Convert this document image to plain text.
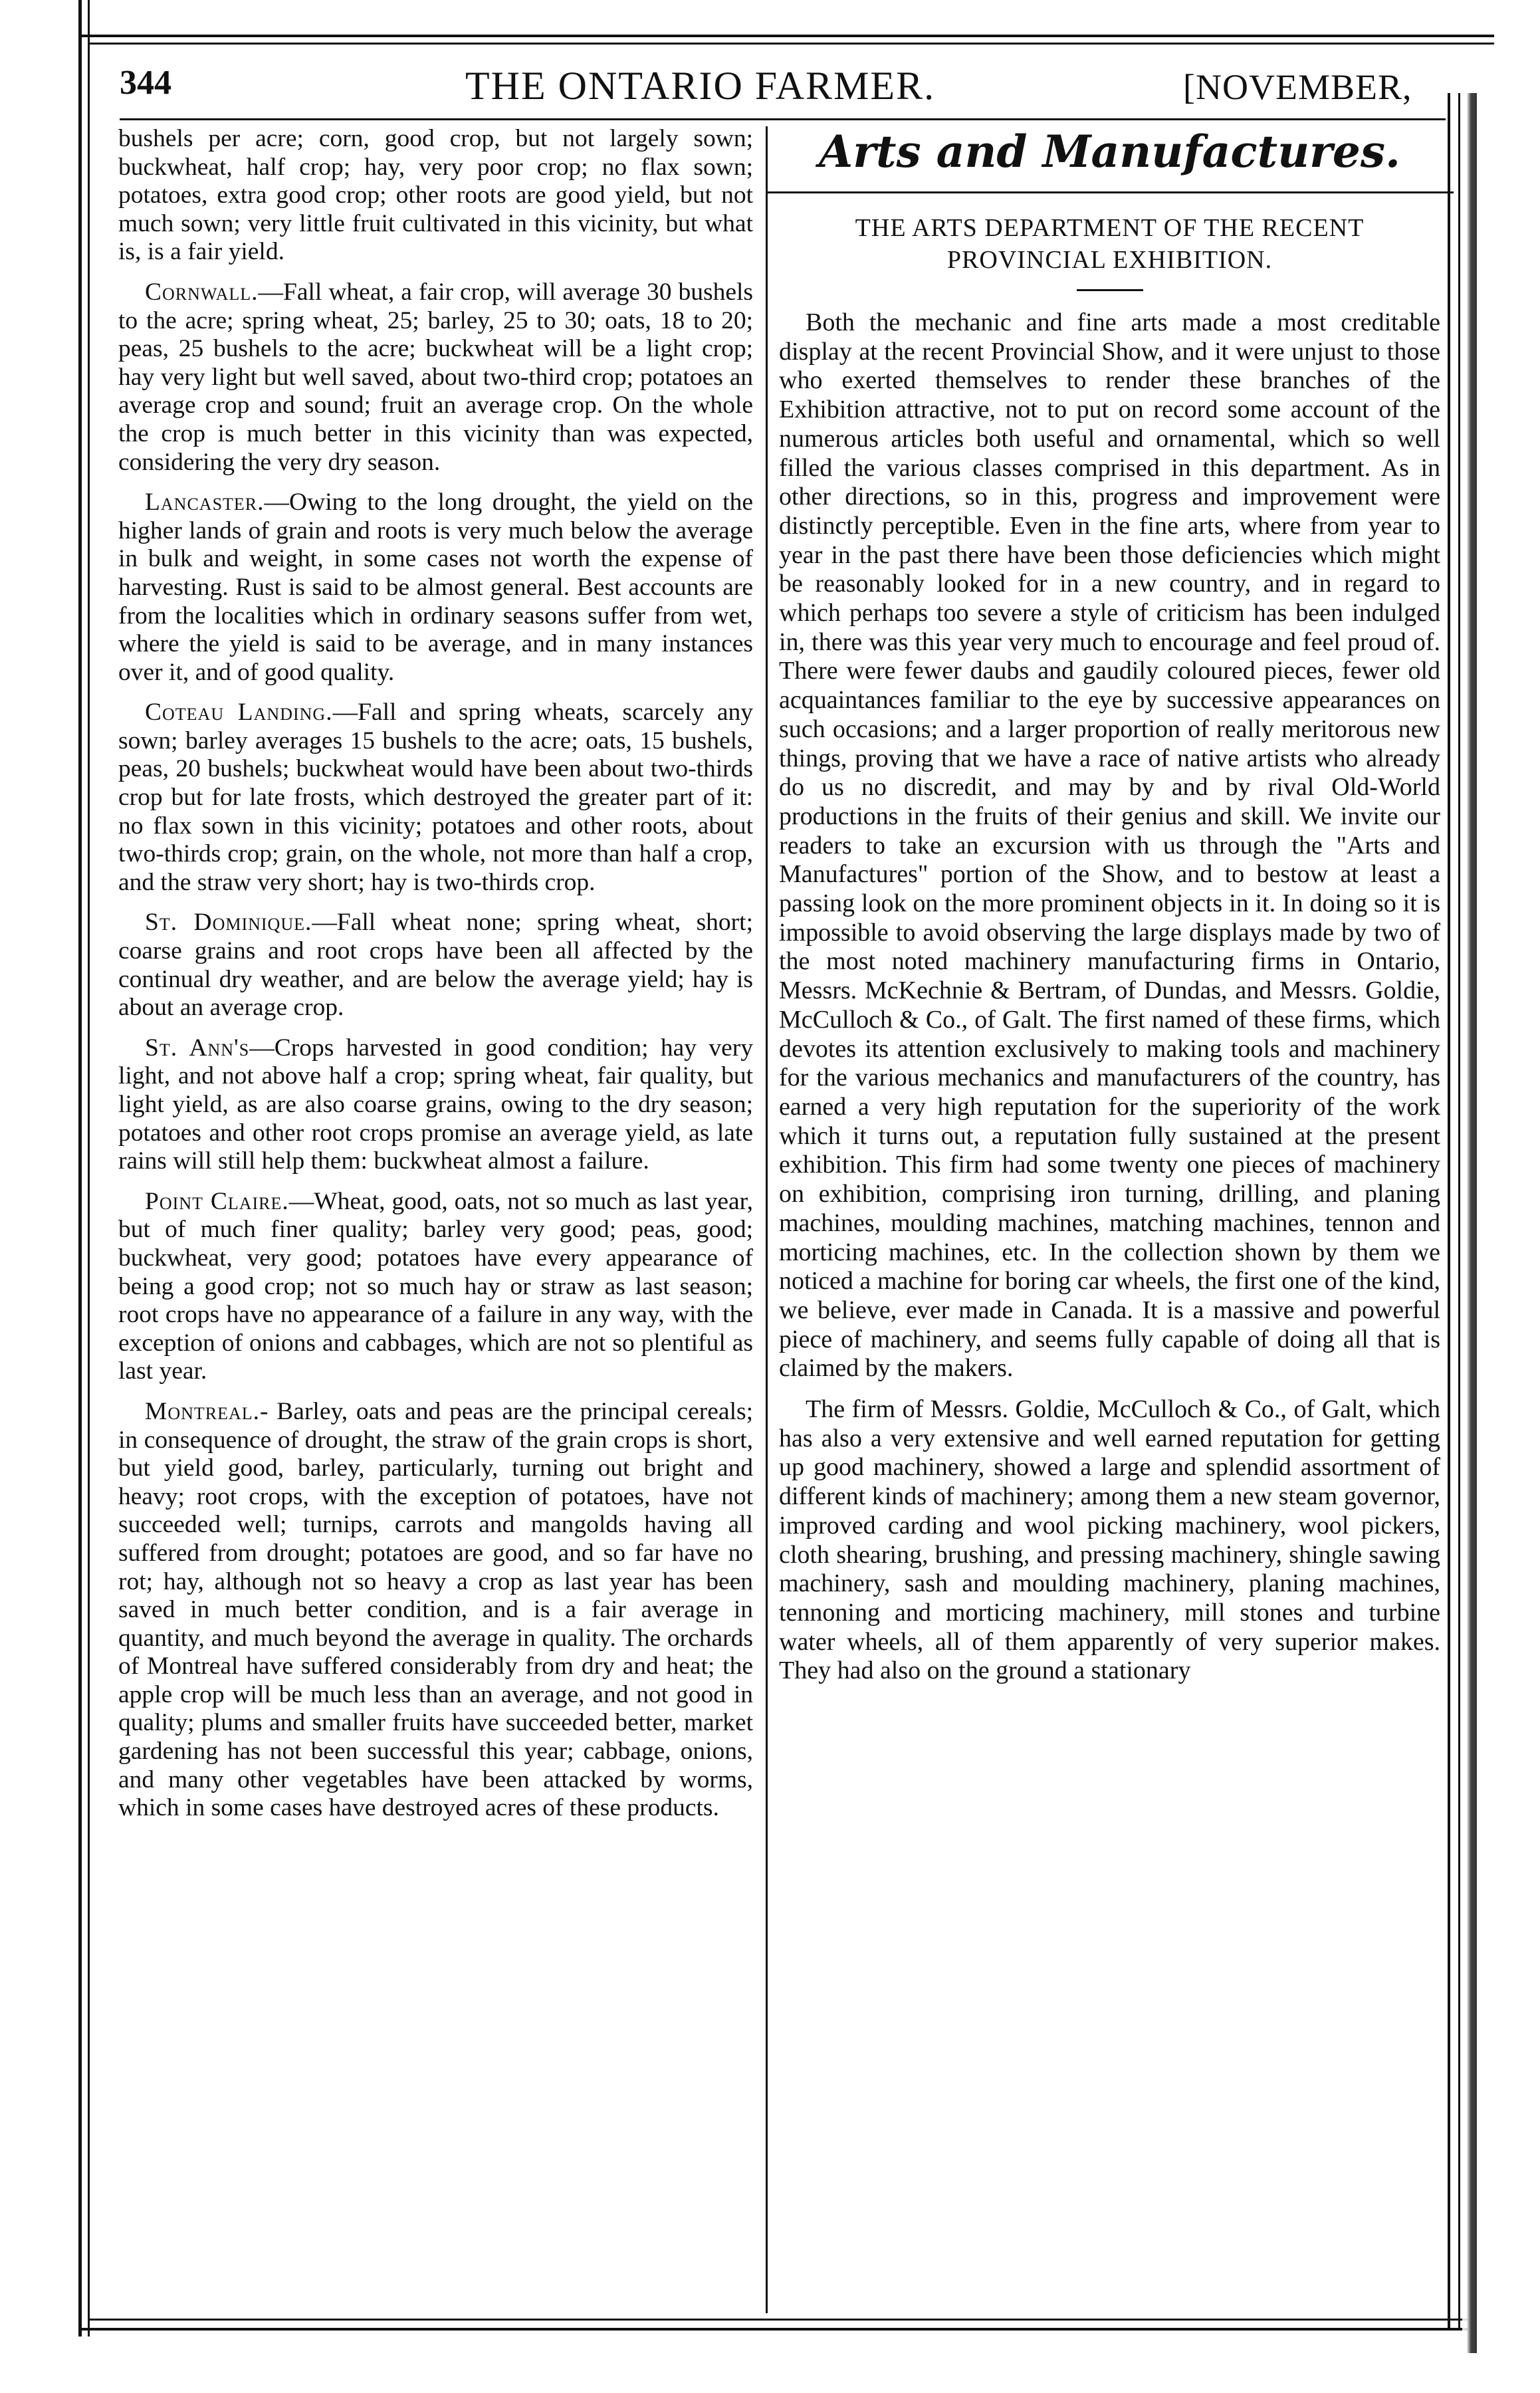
344	THE ONTARIO FARMER.	[NOVEMBER,

bushels per acre; corn, good crop, but not largely sown; buckwheat, half crop; hay, very poor crop; no flax sown; potatoes, extra good crop; other roots are good yield, but not much sown; very little fruit cultivated in this vicinity, but what is, is a fair yield.

Cornwall.—Fall wheat, a fair crop, will average 30 bushels to the acre; spring wheat, 25; barley, 25 to 30; oats, 18 to 20; peas, 25 bushels to the acre; buckwheat will be a light crop; hay very light but well saved, about two-third crop; potatoes an average crop and sound; fruit an average crop. On the whole the crop is much better in this vicinity than was expected, considering the very dry season.

Lancaster.—Owing to the long drought, the yield on the higher lands of grain and roots is very much below the average in bulk and weight, in some cases not worth the expense of harvesting. Rust is said to be almost general. Best accounts are from the localities which in ordinary seasons suffer from wet, where the yield is said to be average, and in many instances over it, and of good quality.

Coteau Landing.—Fall and spring wheats, scarcely any sown; barley averages 15 bushels to the acre; oats, 15 bushels, peas, 20 bushels; buckwheat would have been about two-thirds crop but for late frosts, which destroyed the greater part of it: no flax sown in this vicinity; potatoes and other roots, about two-thirds crop; grain, on the whole, not more than half a crop, and the straw very short; hay is two-thirds crop.

St. Dominique.—Fall wheat none; spring wheat, short; coarse grains and root crops have been all affected by the continual dry weather, and are below the average yield; hay is about an average crop.

St. Ann's—Crops harvested in good condition; hay very light, and not above half a crop; spring wheat, fair quality, but light yield, as are also coarse grains, owing to the dry season; potatoes and other root crops promise an average yield, as late rains will still help them: buckwheat almost a failure.

Point Claire.—Wheat, good, oats, not so much as last year, but of much finer quality; barley very good; peas, good; buckwheat, very good; potatoes have every appearance of being a good crop; not so much hay or straw as last season; root crops have no appearance of a failure in any way, with the exception of onions and cabbages, which are not so plentiful as last year.

Montreal.- Barley, oats and peas are the principal cereals; in consequence of drought, the straw of the grain crops is short, but yield good, barley, particularly, turning out bright and heavy; root crops, with the exception of potatoes, have not succeeded well; turnips, carrots and mangolds having all suffered from drought; potatoes are good, and so far have no rot; hay, although not so heavy a crop as last year has been saved in much better condition, and is a fair average in quantity, and much beyond the average in quality. The orchards of Montreal have suffered considerably from dry and heat; the apple crop will be much less than an average, and not good in quality; plums and smaller fruits have succeeded better, market gardening has not been successful this year; cabbage, onions, and many other vegetables have been attacked by worms, which in some cases have destroyed acres of these products.

Arts and Manufactures.
THE ARTS DEPARTMENT OF THE RECENT
PROVINCIAL EXHIBITION.

Both the mechanic and fine arts made a most creditable display at the recent Provincial Show, and it were unjust to those who exerted themselves to render these branches of the Exhibition attractive, not to put on record some account of the numerous articles both useful and ornamental, which so well filled the various classes comprised in this department. As in other directions, so in this, progress and improvement were distinctly perceptible. Even in the fine arts, where from year to year in the past there have been those deficiencies which might be reasonably looked for in a new country, and in regard to which perhaps too severe a style of criticism has been indulged in, there was this year very much to encourage and feel proud of. There were fewer daubs and gaudily coloured pieces, fewer old acquaintances familiar to the eye by successive appearances on such occasions; and a larger proportion of really meritorous new things, proving that we have a race of native artists who already do us no discredit, and may by and by rival Old-World productions in the fruits of their genius and skill. We invite our readers to take an excursion with us through the "Arts and Manufactures" portion of the Show, and to bestow at least a passing look on the more prominent objects in it. In doing so it is impossible to avoid observing the large displays made by two of the most noted machinery manufacturing firms in Ontario, Messrs. McKechnie & Bertram, of Dundas, and Messrs. Goldie, McCulloch & Co., of Galt. The first named of these firms, which devotes its attention exclusively to making tools and machinery for the various mechanics and manufacturers of the country, has earned a very high reputation for the superiority of the work which it turns out, a reputation fully sustained at the present exhibition. This firm had some twenty one pieces of machinery on exhibition, comprising iron turning, drilling, and planing machines, moulding machines, matching machines, tennon and morticing machines, etc. In the collection shown by them we noticed a machine for boring car wheels, the first one of the kind, we believe, ever made in Canada. It is a massive and powerful piece of machinery, and seems fully capable of doing all that is claimed by the makers.

The firm of Messrs. Goldie, McCulloch & Co., of Galt, which has also a very extensive and well earned reputation for getting up good machinery, showed a large and splendid assortment of different kinds of machinery; among them a new steam governor, improved carding and wool picking machinery, wool pickers, cloth shearing, brushing, and pressing machinery, shingle sawing machinery, sash and moulding machinery, planing machines, tennoning and morticing machinery, mill stones and turbine water wheels, all of them apparently of very superior makes. They had also on the ground a stationary
